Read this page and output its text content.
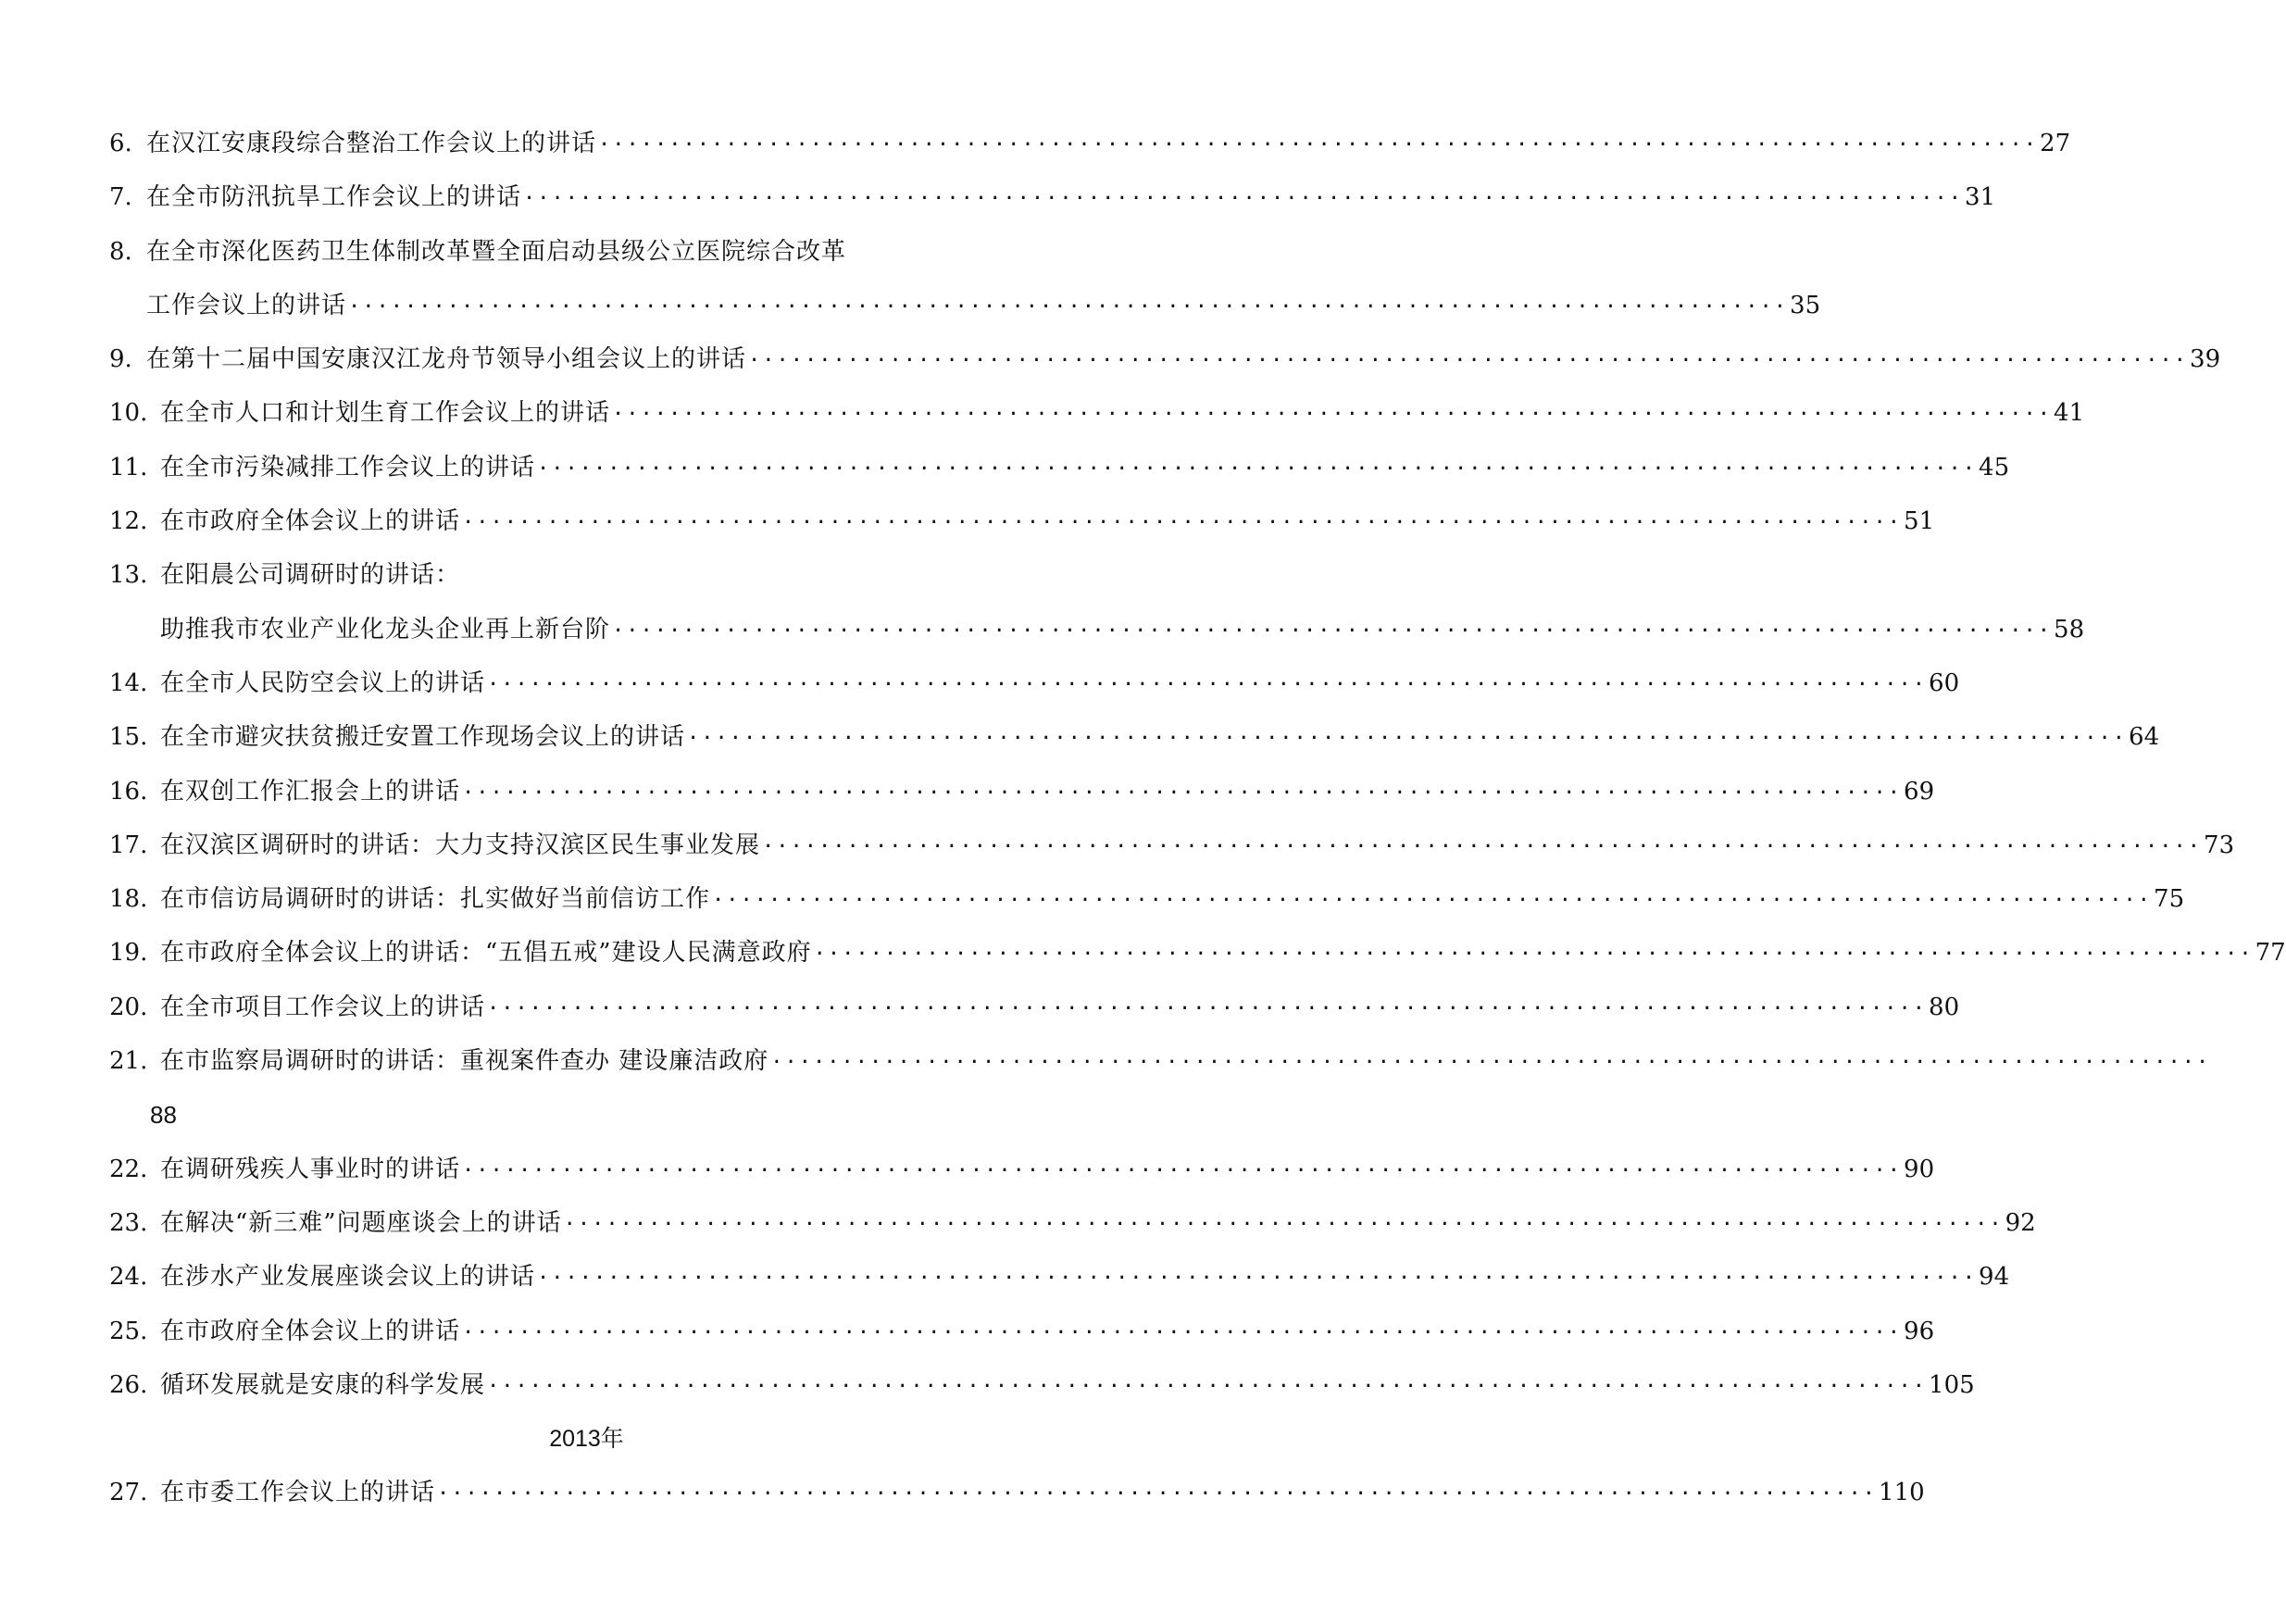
6. 在汉江安康段综合整治工作会议上的讲话 ······································································································ 27
7. 在全市防汛抗旱工作会议上的讲话 ······································································································ 31
8. 在全市深化医药卫生体制改革暨全面启动县级公立医院综合改革
工作会议上的讲话 ······································································································ 35
9. 在第十二届中国安康汉江龙舟节领导小组会议上的讲话 ······································································································ 39
10. 在全市人口和计划生育工作会议上的讲话 ······································································································ 41
11. 在全市污染减排工作会议上的讲话 ······································································································ 45
12. 在市政府全体会议上的讲话 ······································································································ 51
13. 在阳晨公司调研时的讲话：
助推我市农业产业化龙头企业再上新台阶 ······································································································ 58
14. 在全市人民防空会议上的讲话 ······································································································ 60
15. 在全市避灾扶贫搬迁安置工作现场会议上的讲话 ······································································································ 64
16. 在双创工作汇报会上的讲话 ······································································································ 69
17. 在汉滨区调研时的讲话：大力支持汉滨区民生事业发展 ······································································································ 73
18. 在市信访局调研时的讲话：扎实做好当前信访工作 ······································································································ 75
19. 在市政府全体会议上的讲话：“五倡五戒”建设人民满意政府 ······································································································ 77
20. 在全市项目工作会议上的讲话 ······································································································ 80
21. 在市监察局调研时的讲话：重视案件查办 建设廉洁政府 ······································································································
88
22. 在调研残疾人事业时的讲话 ······································································································ 90
23. 在解决“新三难”问题座谈会上的讲话 ······································································································ 92
24. 在涉水产业发展座谈会议上的讲话 ······································································································ 94
25. 在市政府全体会议上的讲话 ······································································································ 96
26. 循环发展就是安康的科学发展 ······································································································ 105
2013年
27. 在市委工作会议上的讲话 ······································································································ 110
